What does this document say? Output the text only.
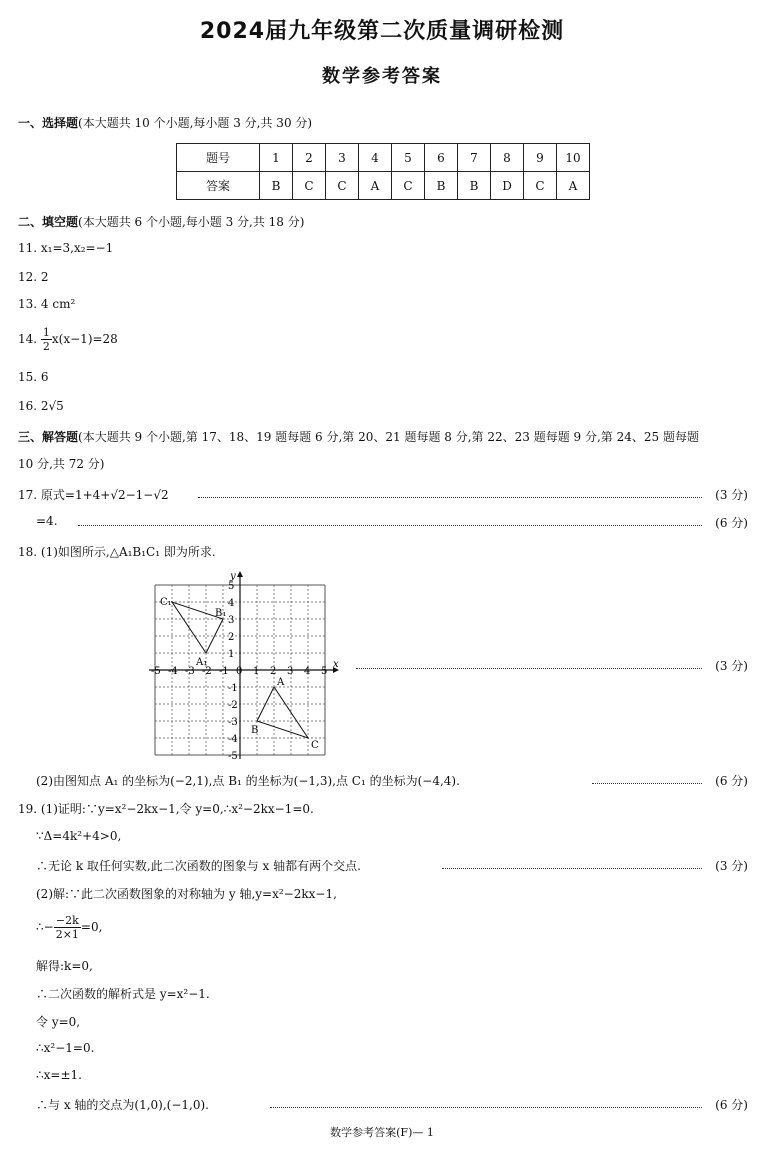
2024届九年级第二次质量调研检测
数学参考答案
一、选择题(本大题共 10 个小题,每小题 3 分,共 30 分)
题号	1	2	3	4	5	6	7	8	9	10
答案	B	C	C	A	C	B	B	D	C	A
二、填空题(本大题共 6 个小题,每小题 3 分,共 18 分)
11. x₁=3,x₂=−1
12. 2
13. 4 cm²
14. $\frac{1}{2} x(x-1)=28$
15. 6
16. 2√5
三、解答题(本大题共 9 个小题,第 17、18、19 题每题 6 分,第 20、21 题每题 8 分,第 22、23 题每题 9 分,第 24、25 题每题
10 分,共 72 分)
17. 原式=1+4+√2−1−√2	(3 分)
=4.	(6 分)
18. (1)如图所示,△A₁B₁C₁ 即为所求.
-5 -4 -3 -2 -1 0 1 2 3 4 5
5
4
3
2
1
-1
-2
-3
-4
-5
A
B
C
A₁
B₁
C₁
x
y
(3 分)
(2)由图知点 A₁ 的坐标为(−2,1),点 B₁ 的坐标为(−1,3),点 C₁ 的坐标为(−4,4).	(6 分)
19. (1)证明:∵y=x²−2kx−1,令 y=0,∴x²−2kx−1=0.
∵Δ=4k²+4>0,
∴无论 k 取任何实数,此二次函数的图象与 x 轴都有两个交点.	(3 分)
(2)解:∵此二次函数图象的对称轴为 y 轴,y=x²−2kx−1,
∴− $\frac{-2k}{2\times 1} =0$,
解得:k=0,
∴二次函数的解析式是 y=x²−1.
令 y=0,
∴x²−1=0.
∴x=±1.
∴与 x 轴的交点为(1,0),(−1,0).	(6 分)
数学参考答案(F)— 1
